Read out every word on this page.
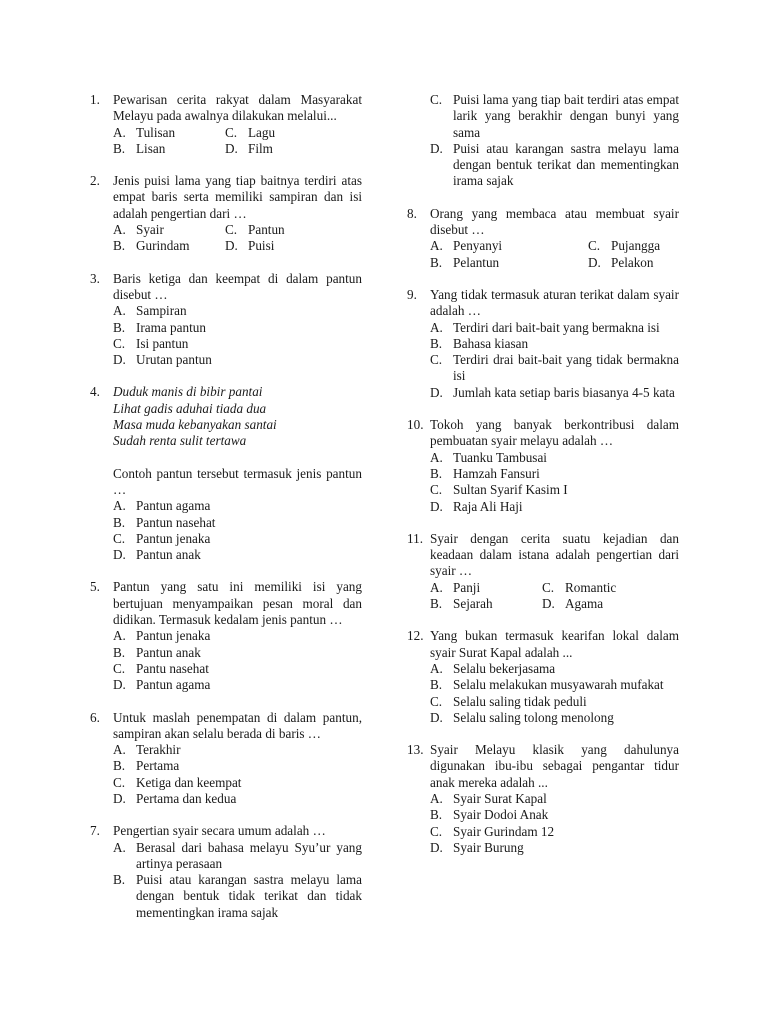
1. Pewarisan cerita rakyat dalam Masyarakat Melayu pada awalnya dilakukan melalui...
A. Tulisan	C. Lagu
B. Lisan	D. Film
2. Jenis puisi lama yang tiap baitnya terdiri atas empat baris serta memiliki sampiran dan isi adalah pengertian dari …
A. Syair	C. Pantun
B. Gurindam	D. Puisi
3. Baris ketiga dan keempat di dalam pantun disebut …
A. Sampiran
B. Irama pantun
C. Isi pantun
D. Urutan pantun
4. Duduk manis di bibir pantai
Lihat gadis aduhai tiada dua
Masa muda kebanyakan santai
Sudah renta sulit tertawa
Contoh pantun tersebut termasuk jenis pantun …
A. Pantun agama
B. Pantun nasehat
C. Pantun jenaka
D. Pantun anak
5. Pantun yang satu ini memiliki isi yang bertujuan menyampaikan pesan moral dan didikan. Termasuk kedalam jenis pantun …
A. Pantun jenaka
B. Pantun anak
C. Pantu nasehat
D. Pantun agama
6. Untuk maslah penempatan di dalam pantun, sampiran akan selalu berada di baris …
A. Terakhir
B. Pertama
C. Ketiga dan keempat
D. Pertama dan kedua
7. Pengertian syair secara umum adalah …
A. Berasal dari bahasa melayu Syu’ur yang artinya perasaan
B. Puisi atau karangan sastra melayu lama dengan bentuk tidak terikat dan tidak mementingkan irama sajak
C. Puisi lama yang tiap bait terdiri atas empat larik yang berakhir dengan bunyi yang sama
D. Puisi atau karangan sastra melayu lama dengan bentuk terikat dan mementingkan irama sajak
8. Orang yang membaca atau membuat syair disebut …
A. Penyanyi	C. Pujangga
B. Pelantun	D. Pelakon
9. Yang tidak termasuk aturan terikat dalam syair adalah …
A. Terdiri dari bait-bait yang bermakna isi
B. Bahasa kiasan
C. Terdiri drai bait-bait yang tidak bermakna isi
D. Jumlah kata setiap baris biasanya 4-5 kata
10. Tokoh yang banyak berkontribusi dalam pembuatan syair melayu adalah …
A. Tuanku Tambusai
B. Hamzah Fansuri
C. Sultan Syarif Kasim I
D. Raja Ali Haji
11. Syair dengan cerita suatu kejadian dan keadaan dalam istana adalah pengertian dari syair …
A. Panji	C. Romantic
B. Sejarah	D. Agama
12. Yang bukan termasuk kearifan lokal dalam syair Surat Kapal adalah ...
A. Selalu bekerjasama
B. Selalu melakukan musyawarah mufakat
C. Selalu saling tidak peduli
D. Selalu saling tolong menolong
13. Syair Melayu klasik yang dahulunya digunakan ibu-ibu sebagai pengantar tidur anak mereka adalah ...
A. Syair Surat Kapal
B. Syair Dodoi Anak
C. Syair Gurindam 12
D. Syair Burung
